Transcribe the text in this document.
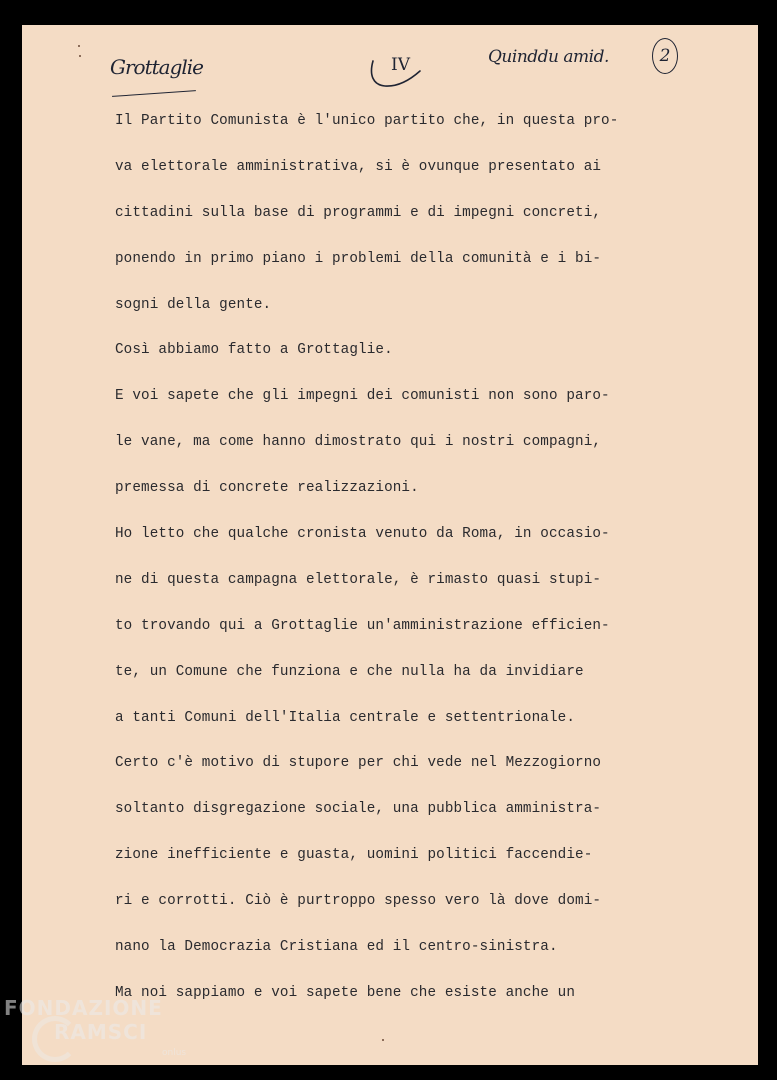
Grottaglie	IV	Quinddu amid.	2
Il Partito Comunista è l'unico partito che, in questa pro-
va elettorale amministrativa, si è ovunque presentato ai
cittadini sulla base di programmi e di impegni concreti,
ponendo in primo piano i problemi della comunità e i bi-
sogni della gente.
Così abbiamo fatto a Grottaglie.
E voi sapete che gli impegni dei comunisti non sono paro-
le vane, ma come hanno dimostrato qui i nostri compagni,
premessa di concrete realizzazioni.
Ho letto che qualche cronista venuto da Roma, in occasio-
ne di questa campagna elettorale, è rimasto quasi stupi-
to trovando qui a Grottaglie un'amministrazione efficien-
te, un Comune che funziona e che nulla ha da invidiare
a tanti Comuni dell'Italia centrale e settentrionale.
Certo c'è motivo di stupore per chi vede nel Mezzogiorno
soltanto disgregazione sociale, una pubblica amministra-
zione inefficiente e guasta, uomini politici faccendie-
ri e corrotti. Ciò è purtroppo spesso vero là dove domi-
nano la Democrazia Cristiana ed il centro-sinistra.
Ma noi sappiamo e voi sapete bene che esiste anche un
FONDAZIONE
RAMSCI
onlus
